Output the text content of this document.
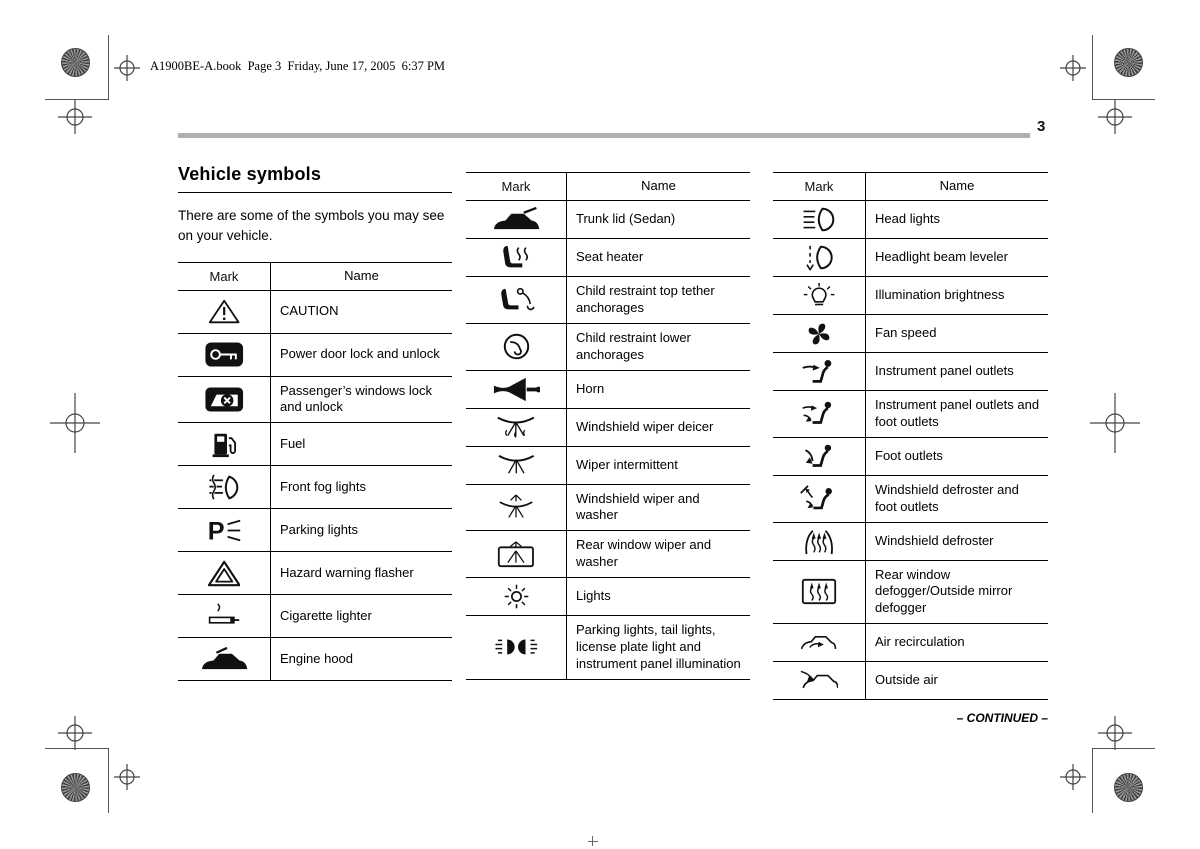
A1900BE-A.book  Page 3  Friday, June 17, 2005  6:37 PM
3
Vehicle symbols
There are some of the symbols you may see on your vehicle.
Mark	Name
CAUTION
Power door lock and unlock
Passenger’s windows lock and unlock
Fuel
Front fog lights
P	Parking lights
Hazard warning flasher
Cigarette lighter
Engine hood
Mark	Name
Trunk lid (Sedan)
Seat heater
Child restraint top tether anchorages
Child restraint lower anchorages
Horn
Windshield wiper deicer
Wiper intermittent
Windshield wiper and washer
Rear window wiper and washer
Lights
Parking lights, tail lights, license plate light and instrument panel illumination
Mark	Name
Head lights
Headlight beam leveler
Illumination brightness
Fan speed
Instrument panel outlets
Instrument panel outlets and foot outlets
Foot outlets
Windshield defroster and foot outlets
Windshield defroster
Rear window defogger/Outside mirror defogger
Air recirculation
Outside air
– CONTINUED –
